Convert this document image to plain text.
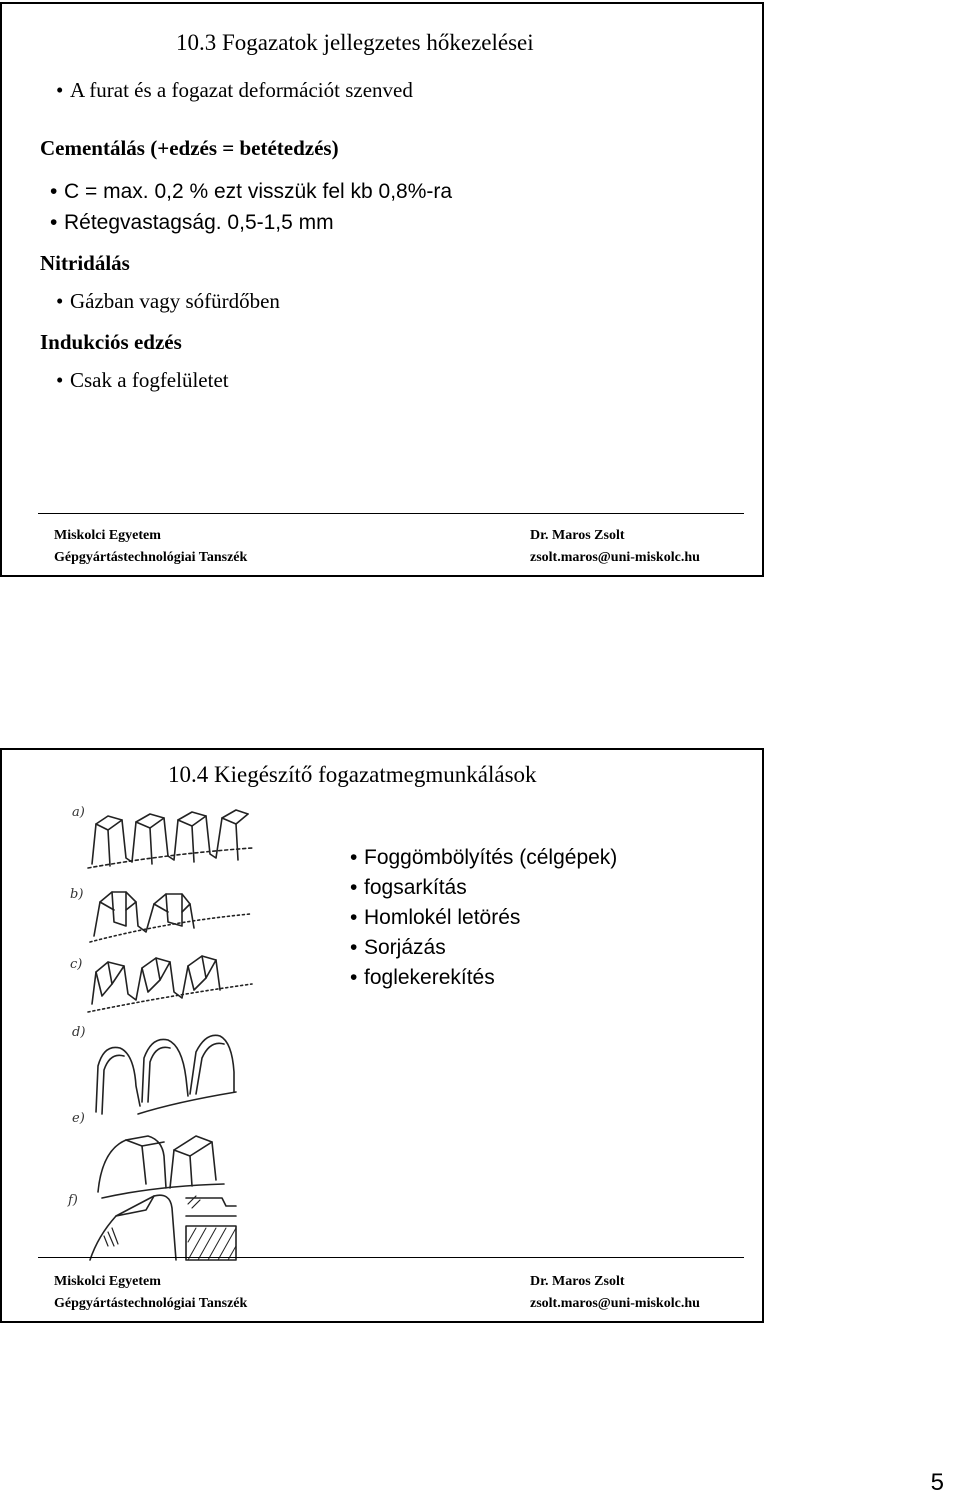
10.3 Fogazatok jellegzetes hőkezelései
• A furat és a fogazat deformációt szenved
Cementálás (+edzés = betétedzés)
• C = max. 0,2 % ezt visszük fel kb 0,8%-ra
• Rétegvastagság. 0,5-1,5 mm
Nitridálás
• Gázban vagy sófürdőben
Indukciós edzés
• Csak a fogfelületet
Miskolci Egyetem
Gépgyártástechnológiai Tanszék
Dr. Maros Zsolt
zsolt.maros@uni-miskolc.hu
10.4 Kiegészítő fogazatmegmunkálások
a)
b)
c)
d)
e)
f)
• Foggömbölyítés (célgépek)
• fogsarkítás
• Homlokél letörés
• Sorjázás
• foglekerekítés
Miskolci Egyetem
Gépgyártástechnológiai Tanszék
Dr. Maros Zsolt
zsolt.maros@uni-miskolc.hu
5
